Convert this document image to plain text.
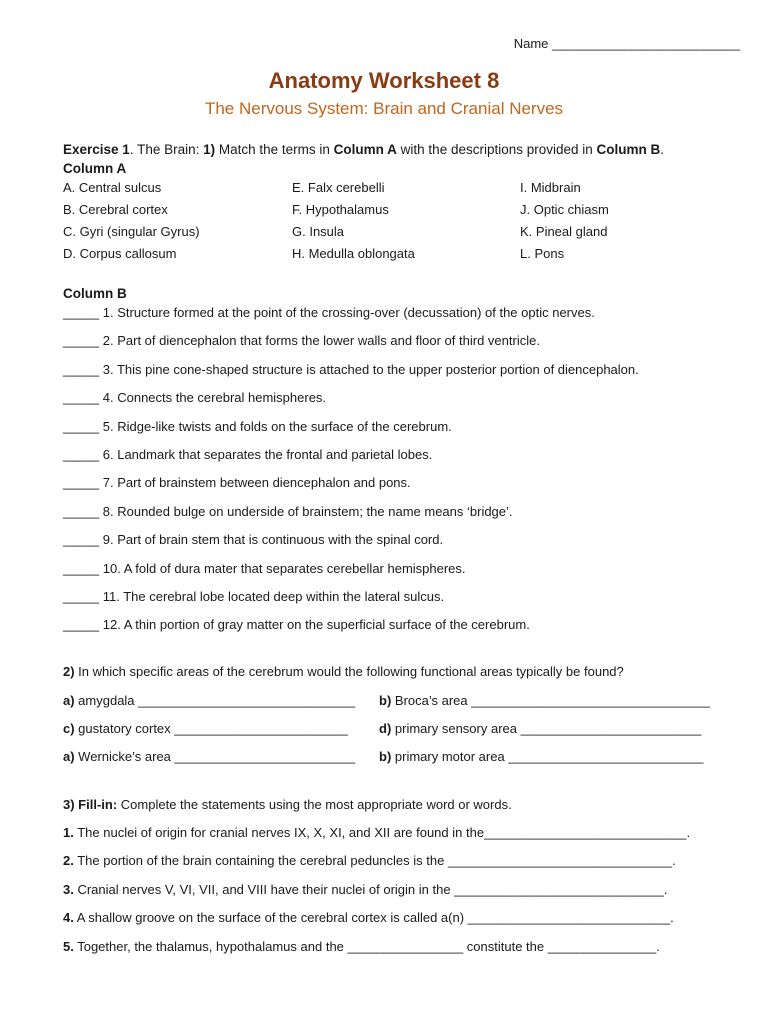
Name __________________________
Anatomy Worksheet 8
The Nervous System: Brain and Cranial Nerves
Exercise 1. The Brain: 1) Match the terms in Column A with the descriptions provided in Column B.
Column A
A. Central sulcus
B. Cerebral cortex
C. Gyri (singular Gyrus)
D. Corpus callosum
E. Falx cerebelli
F. Hypothalamus
G. Insula
H. Medulla oblongata
I. Midbrain
J. Optic chiasm
K. Pineal gland
L. Pons
Column B
_____ 1. Structure formed at the point of the crossing-over (decussation) of the optic nerves.
_____ 2. Part of diencephalon that forms the lower walls and floor of third ventricle.
_____ 3. This pine cone-shaped structure is attached to the upper posterior portion of diencephalon.
_____ 4. Connects the cerebral hemispheres.
_____ 5. Ridge-like twists and folds on the surface of the cerebrum.
_____ 6. Landmark that separates the frontal and parietal lobes.
_____ 7. Part of brainstem between diencephalon and pons.
_____ 8. Rounded bulge on underside of brainstem; the name means ‘bridge’.
_____ 9. Part of brain stem that is continuous with the spinal cord.
_____ 10. A fold of dura mater that separates cerebellar hemispheres.
_____ 11. The cerebral lobe located deep within the lateral sulcus.
_____ 12. A thin portion of gray matter on the superficial surface of the cerebrum.
2) In which specific areas of the cerebrum would the following functional areas typically be found?
a) amygdala ______________________________ b) Broca’s area _________________________________
c) gustatory cortex ________________________ d) primary sensory area _________________________
a) Wernicke’s area _________________________ b) primary motor area ___________________________
3) Fill-in: Complete the statements using the most appropriate word or words.
1. The nuclei of origin for cranial nerves IX, X, XI, and XII are found in the____________________________.
2. The portion of the brain containing the cerebral peduncles is the _______________________________.
3. Cranial nerves V, VI, VII, and VIII have their nuclei of origin in the _____________________________.
4. A shallow groove on the surface of the cerebral cortex is called a(n) ____________________________.
5. Together, the thalamus, hypothalamus and the ________________ constitute the _______________.
